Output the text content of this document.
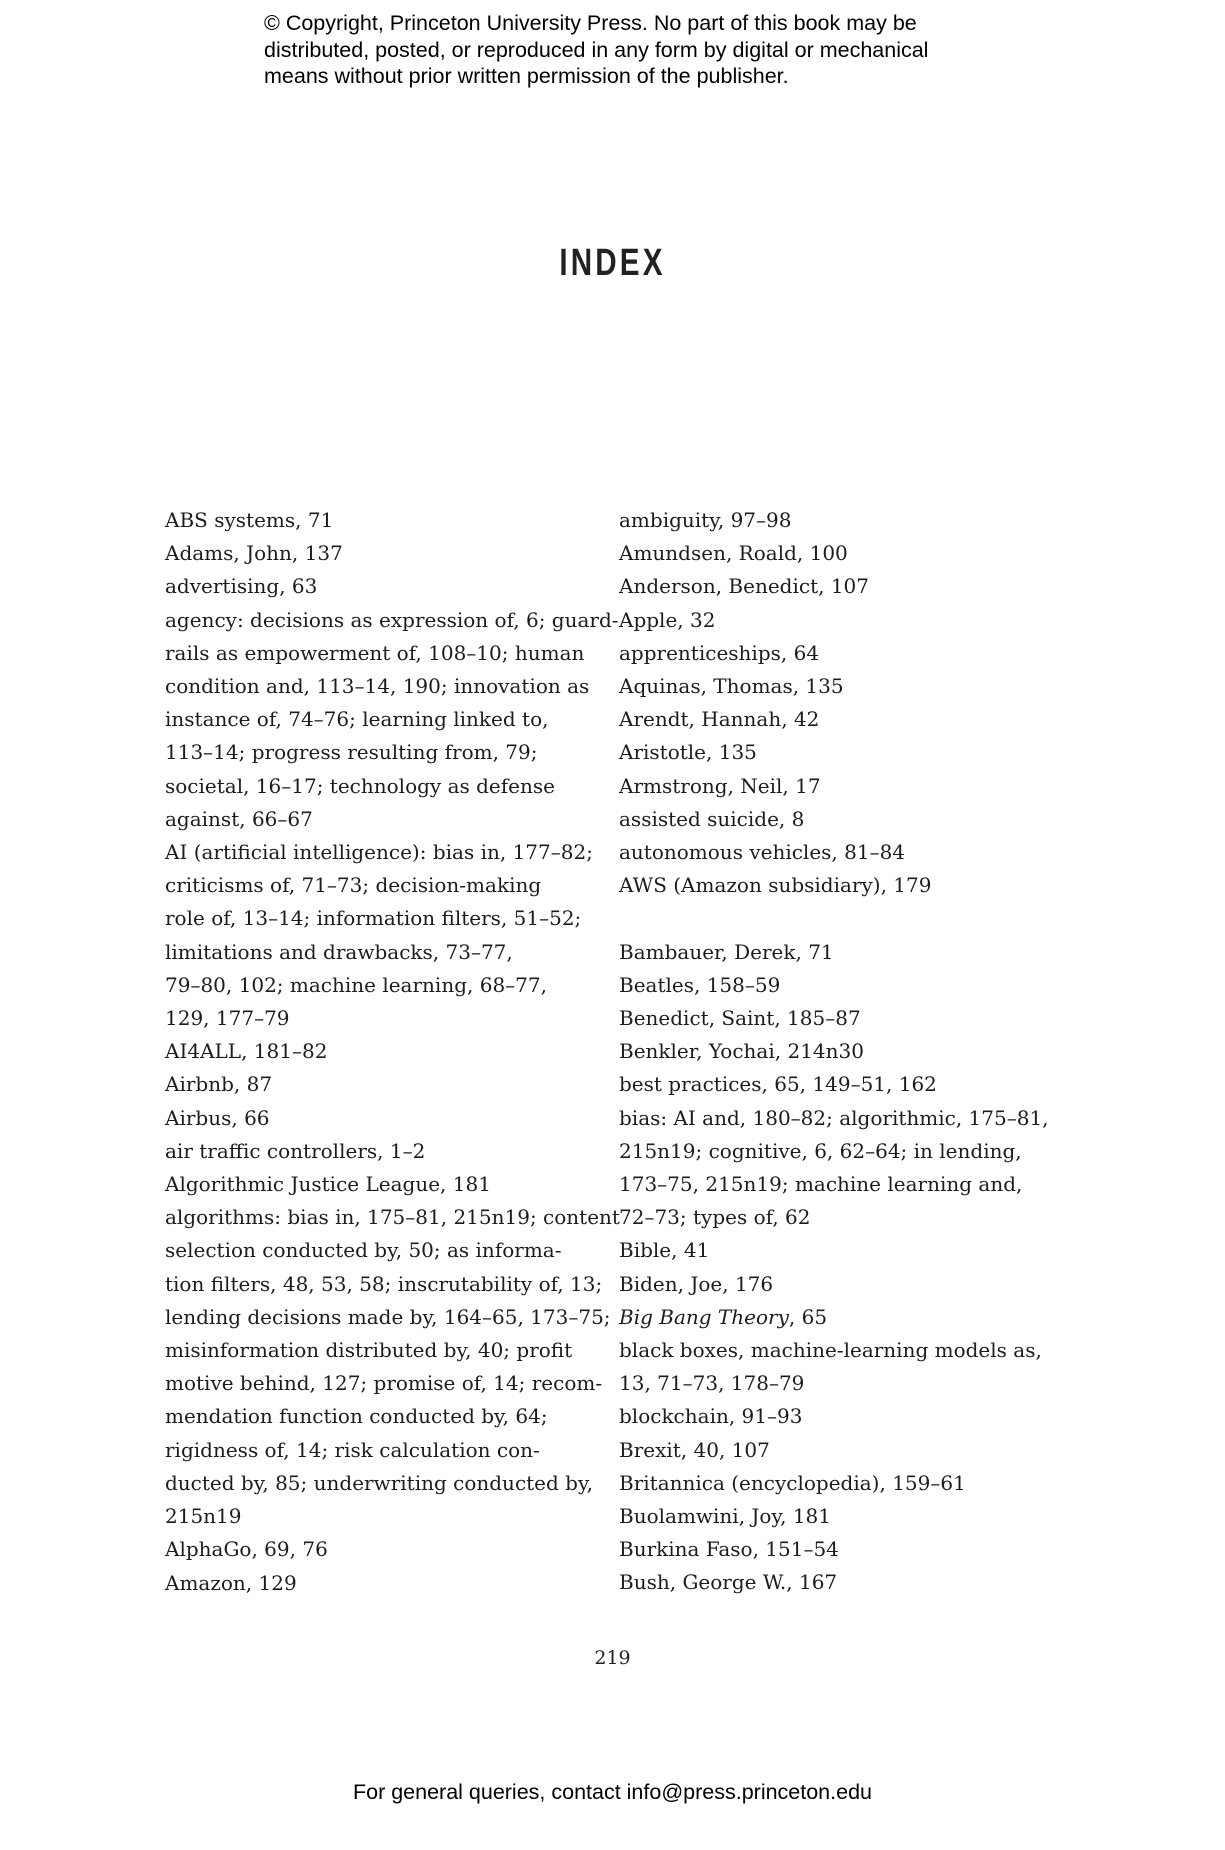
© Copyright, Princeton University Press. No part of this book may be
distributed, posted, or reproduced in any form by digital or mechanical
means without prior written permission of the publisher.
INDEX
ABS systems, 71
Adams, John, 137
advertising, 63
agency: decisions as expression of, 6; guard-
rails as empowerment of, 108–10; human
condition and, 113–14, 190; innovation as
instance of, 74–76; learning linked to,
113–14; progress resulting from, 79;
societal, 16–17; technology as defense
against, 66–67
AI (artificial intelligence): bias in, 177–82;
criticisms of, 71–73; decision-making
role of, 13–14; information filters, 51–52;
limitations and drawbacks, 73–77,
79–80, 102; machine learning, 68–77,
129, 177–79
AI4ALL, 181–82
Airbnb, 87
Airbus, 66
air traffic controllers, 1–2
Algorithmic Justice League, 181
algorithms: bias in, 175–81, 215n19; content
selection conducted by, 50; as informa-
tion filters, 48, 53, 58; inscrutability of, 13;
lending decisions made by, 164–65, 173–75;
misinformation distributed by, 40; profit
motive behind, 127; promise of, 14; recom-
mendation function conducted by, 64;
rigidness of, 14; risk calculation con-
ducted by, 85; underwriting conducted by,
215n19
AlphaGo, 69, 76
Amazon, 129
ambiguity, 97–98
Amundsen, Roald, 100
Anderson, Benedict, 107
Apple, 32
apprenticeships, 64
Aquinas, Thomas, 135
Arendt, Hannah, 42
Aristotle, 135
Armstrong, Neil, 17
assisted suicide, 8
autonomous vehicles, 81–84
AWS (Amazon subsidiary), 179
Bambauer, Derek, 71
Beatles, 158–59
Benedict, Saint, 185–87
Benkler, Yochai, 214n30
best practices, 65, 149–51, 162
bias: AI and, 180–82; algorithmic, 175–81,
215n19; cognitive, 6, 62–64; in lending,
173–75, 215n19; machine learning and,
72–73; types of, 62
Bible, 41
Biden, Joe, 176
Big Bang Theory, 65
black boxes, machine-learning models as,
13, 71–73, 178–79
blockchain, 91–93
Brexit, 40, 107
Britannica (encyclopedia), 159–61
Buolamwini, Joy, 181
Burkina Faso, 151–54
Bush, George W., 167
219
For general queries, contact info@press.princeton.edu
